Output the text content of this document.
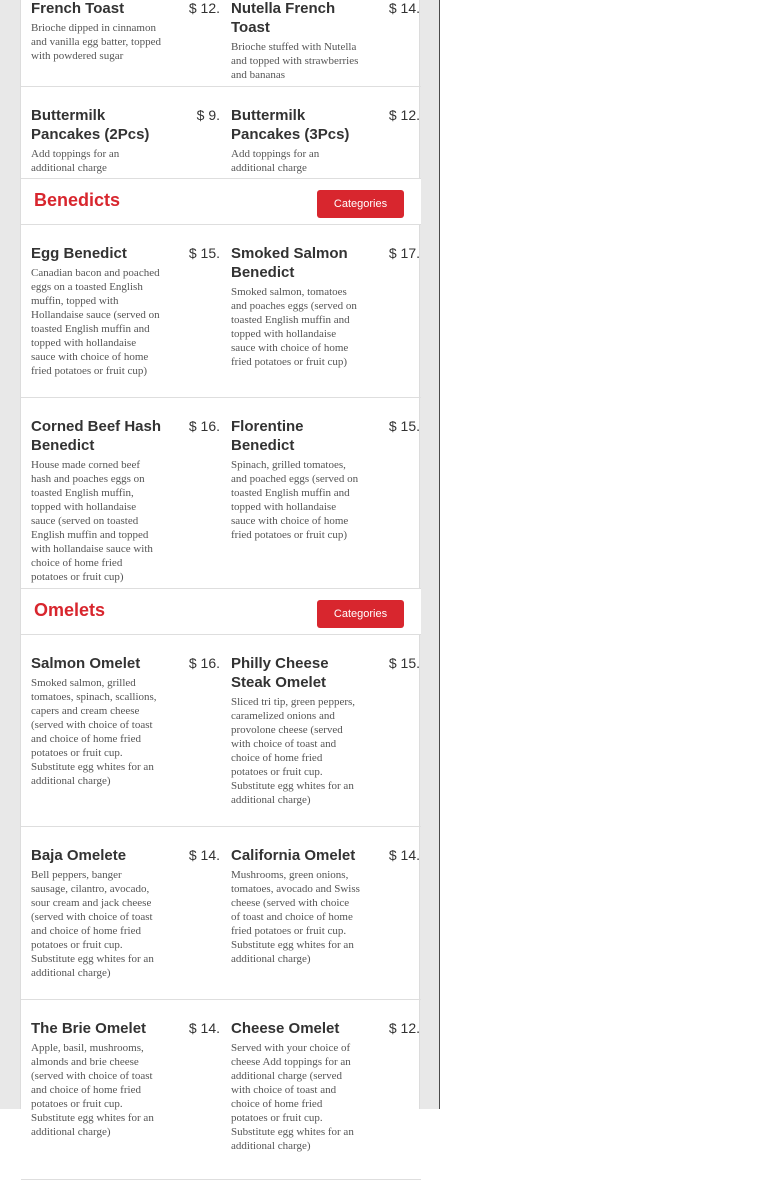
French Toast	$ 12.
Brioche dipped in cinnamon and vanilla egg batter, topped with powdered sugar
Nutella French Toast
$ 14.
Brioche stuffed with Nutella and topped with strawberries and bananas
Buttermilk Pancakes (2Pcs)
$ 9.
Add toppings for an additional charge
Buttermilk Pancakes (3Pcs)
$ 12.
Add toppings for an additional charge
Benedicts	Categories
Egg Benedict	$ 15.
Canadian bacon and poached eggs on a toasted English muffin, topped with Hollandaise sauce (served on toasted English muffin and topped with hollandaise sauce with choice of home fried potatoes or fruit cup)
Smoked Salmon Benedict
$ 17.
Smoked salmon, tomatoes and poaches eggs (served on toasted English muffin and topped with hollandaise sauce with choice of home fried potatoes or fruit cup)
Corned Beef Hash Benedict
$ 16.
House made corned beef hash and poaches eggs on toasted English muffin, topped with hollandaise sauce (served on toasted English muffin and topped with hollandaise sauce with choice of home fried potatoes or fruit cup)
Florentine Benedict
$ 15.
Spinach, grilled tomatoes, and poached eggs (served on toasted English muffin and topped with hollandaise sauce with choice of home fried potatoes or fruit cup)
Omelets	Categories
Salmon Omelet	$ 16.
Smoked salmon, grilled tomatoes, spinach, scallions, capers and cream cheese (served with choice of toast and choice of home fried potatoes or fruit cup. Substitute egg whites for an additional charge)
Philly Cheese Steak Omelet
$ 15.
Sliced tri tip, green peppers, caramelized onions and provolone cheese (served with choice of toast and choice of home fried potatoes or fruit cup. Substitute egg whites for an additional charge)
Baja Omelete	$ 14.
Bell peppers, banger sausage, cilantro, avocado, sour cream and jack cheese (served with choice of toast and choice of home fried potatoes or fruit cup. Substitute egg whites for an additional charge)
California Omelet	$ 14.
Mushrooms, green onions, tomatoes, avocado and Swiss cheese (served with choice of toast and choice of home fried potatoes or fruit cup. Substitute egg whites for an additional charge)
The Brie Omelet	$ 14.
Apple, basil, mushrooms, almonds and brie cheese (served with choice of toast and choice of home fried potatoes or fruit cup. Substitute egg whites for an additional charge)
Cheese Omelet	$ 12.
Served with your choice of cheese Add toppings for an additional charge (served with choice of toast and choice of home fried potatoes or fruit cup. Substitute egg whites for an additional charge)
